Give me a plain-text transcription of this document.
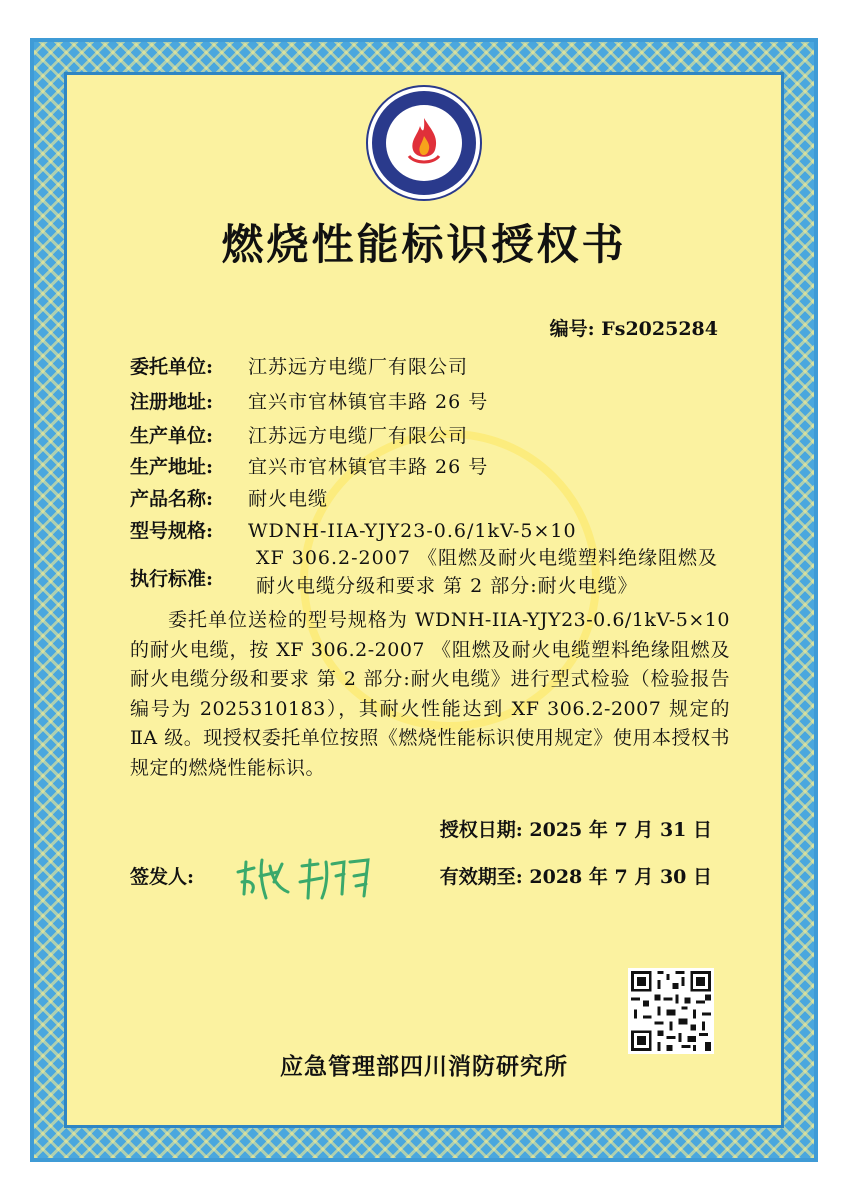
燃烧性能标识授权书
编号: Fs2025284
委托单位: 江苏远方电缆厂有限公司
注册地址: 宜兴市官林镇官丰路 26 号
生产单位: 江苏远方电缆厂有限公司
生产地址: 宜兴市官林镇官丰路 26 号
产品名称: 耐火电缆
型号规格: WDNH-IIA-YJY23-0.6/1kV-5×10
执行标准:
XF 306.2-2007 《阻燃及耐火电缆塑料绝缘阻燃及耐火电缆分级和要求 第 2 部分:耐火电缆》
委托单位送检的型号规格为 WDNH-IIA-YJY23-0.6/1kV-5×10 的耐火电缆，按 XF 306.2-2007 《阻燃及耐火电缆塑料绝缘阻燃及耐火电缆分级和要求 第 2 部分:耐火电缆》进行型式检验（检验报告编号为 2025310183），其耐火性能达到 XF 306.2-2007 规定的ⅡA 级。现授权委托单位按照《燃烧性能标识使用规定》使用本授权书规定的燃烧性能标识。
授权日期: 2025 年 7 月 31 日
签发人:	有效期至: 2028 年 7 月 30 日
应急管理部四川消防研究所
